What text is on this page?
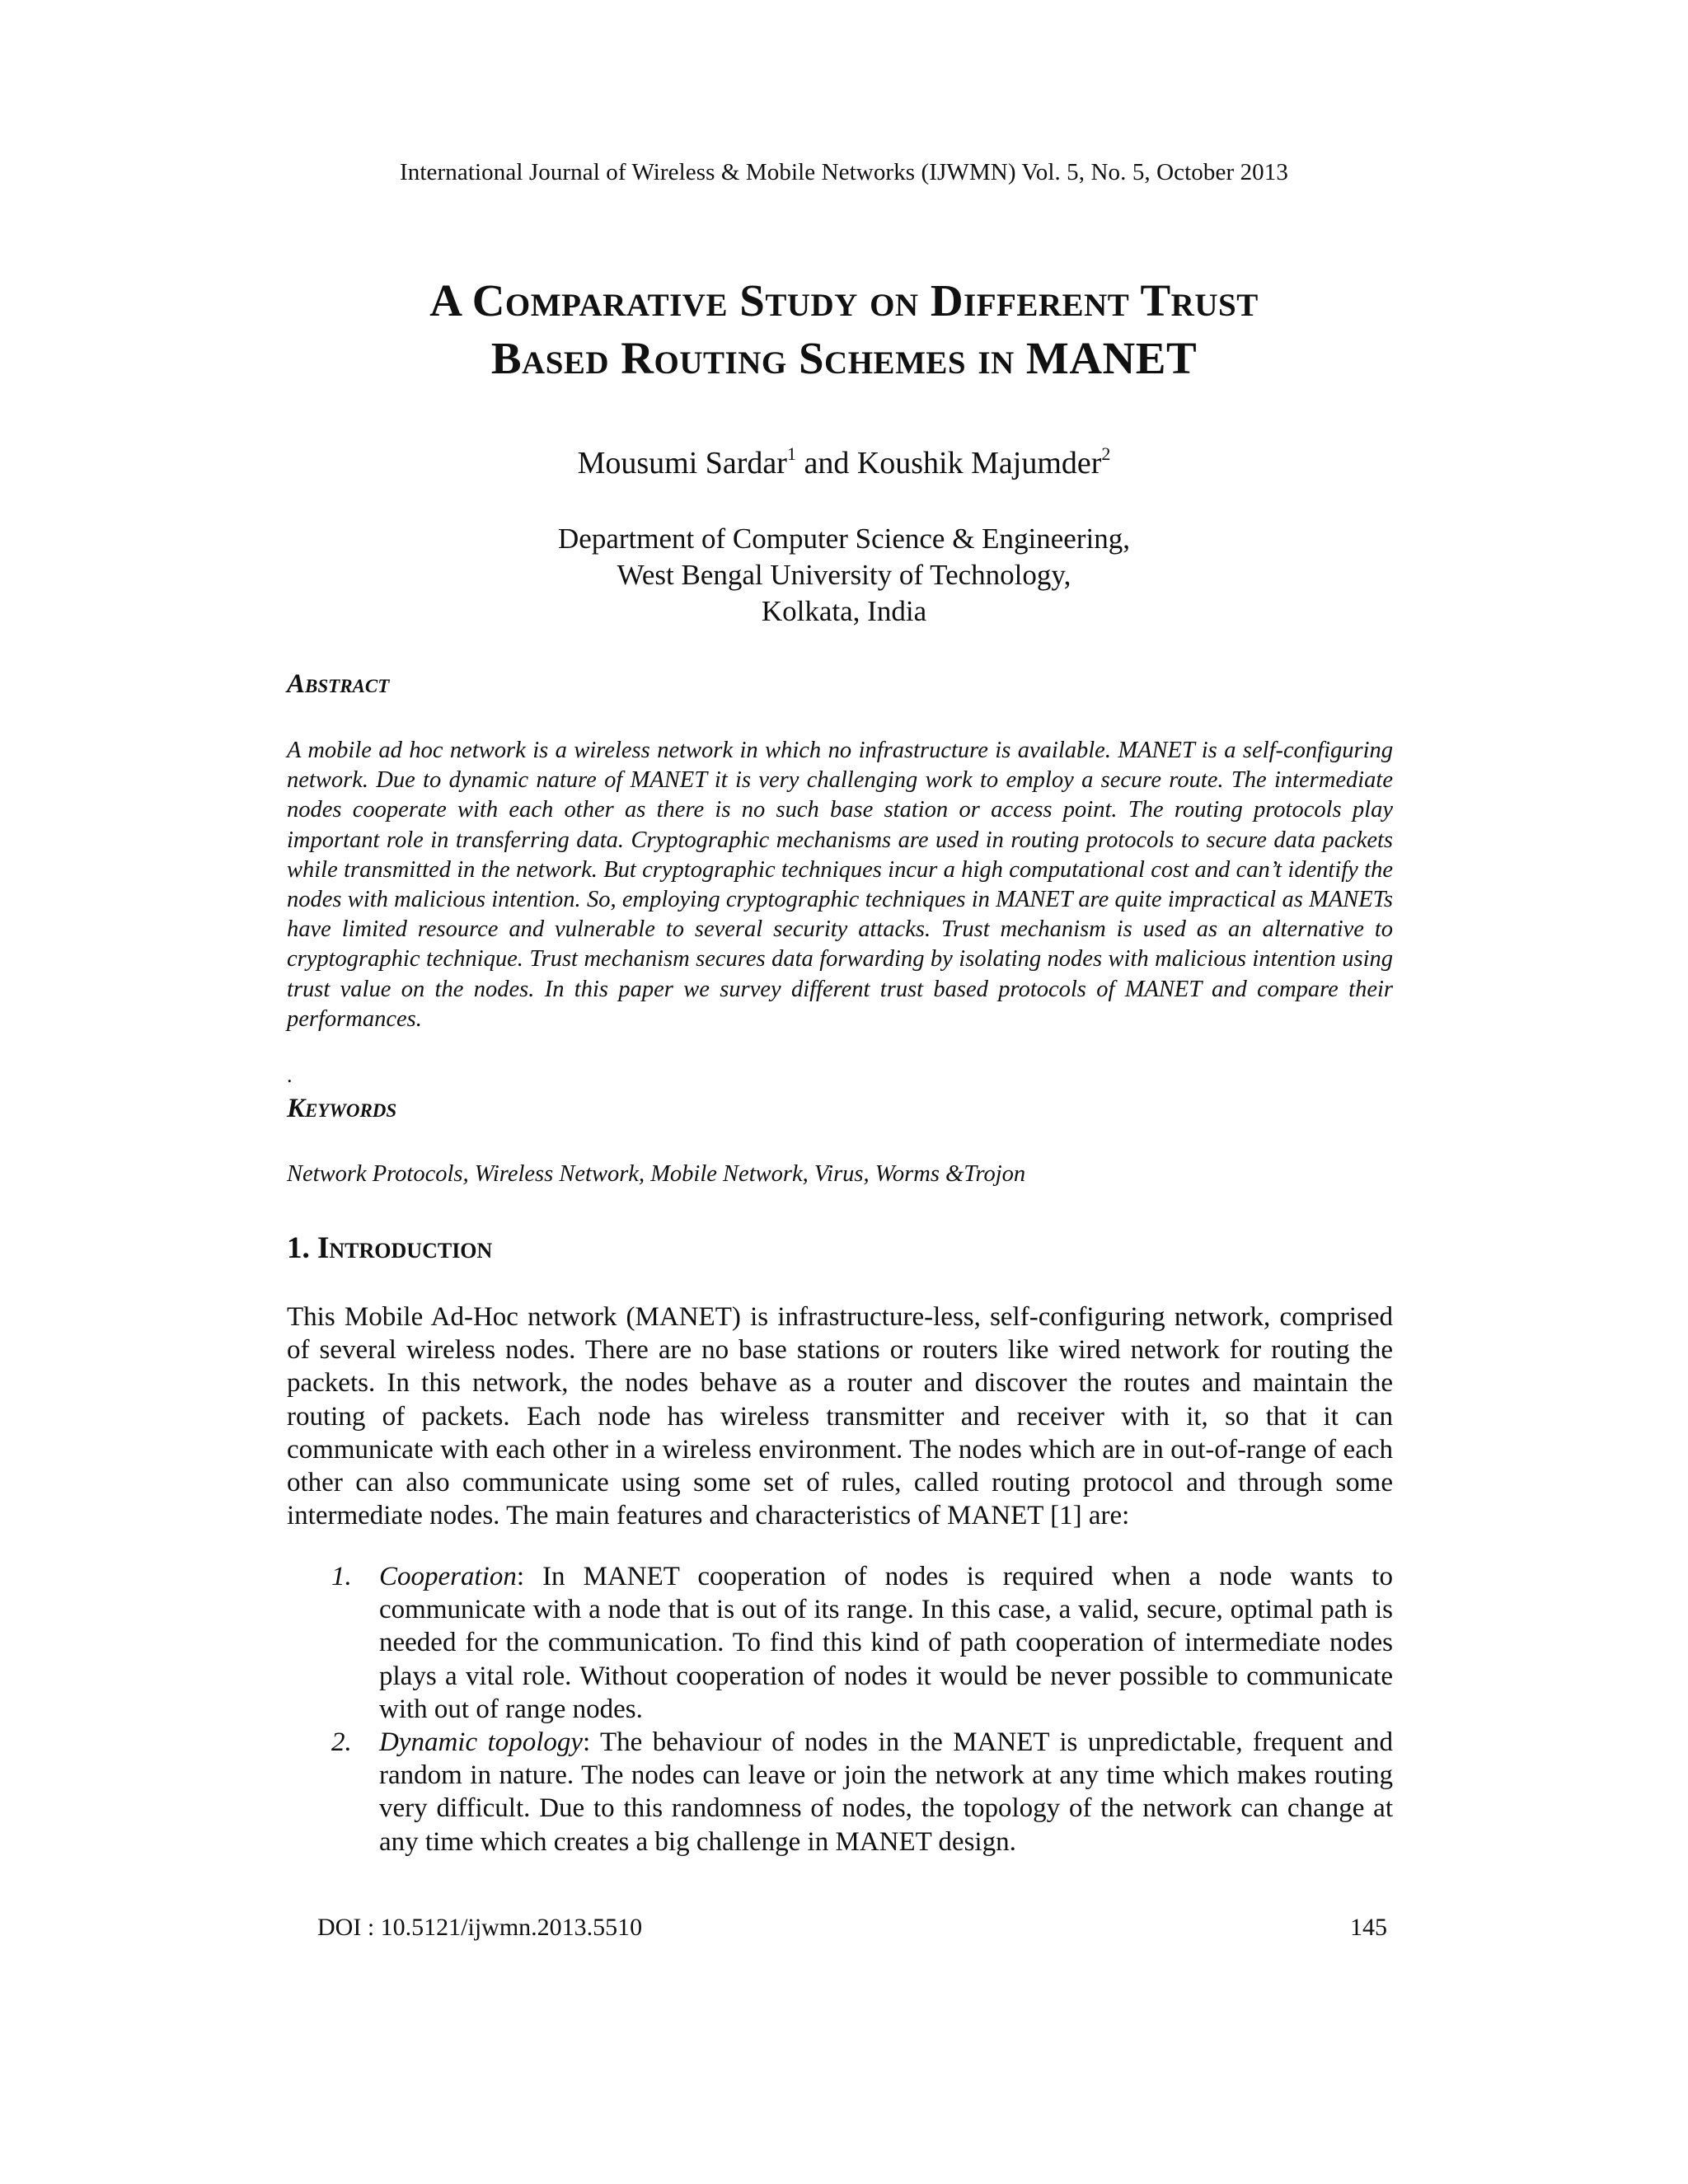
International Journal of Wireless & Mobile Networks (IJWMN) Vol. 5, No. 5, October 2013
A Comparative Study on Different Trust
Based Routing Schemes in MANET
Mousumi Sardar$^1$ and Koushik Majumder$^2$
Department of Computer Science & Engineering,
West Bengal University of Technology,
Kolkata, India
Abstract
A mobile ad hoc network is a wireless network in which no infrastructure is available. MANET is a self-configuring network. Due to dynamic nature of MANET it is very challenging work to employ a secure route. The intermediate nodes cooperate with each other as there is no such base station or access point. The routing protocols play important role in transferring data. Cryptographic mechanisms are used in routing protocols to secure data packets while transmitted in the network. But cryptographic techniques incur a high computational cost and can’t identify the nodes with malicious intention. So, employing cryptographic techniques in MANET are quite impractical as MANETs have limited resource and vulnerable to several security attacks. Trust mechanism is used as an alternative to cryptographic technique. Trust mechanism secures data forwarding by isolating nodes with malicious intention using trust value on the nodes. In this paper we survey different trust based protocols of MANET and compare their performances.
.
Keywords
Network Protocols, Wireless Network, Mobile Network, Virus, Worms &Trojon
1. Introduction
This Mobile Ad-Hoc network (MANET) is infrastructure-less, self-configuring network, comprised of several wireless nodes. There are no base stations or routers like wired network for routing the packets. In this network, the nodes behave as a router and discover the routes and maintain the routing of packets. Each node has wireless transmitter and receiver with it, so that it can communicate with each other in a wireless environment. The nodes which are in out-of-range of each other can also communicate using some set of rules, called routing protocol and through some intermediate nodes. The main features and characteristics of MANET [1] are:
1. Cooperation: In MANET cooperation of nodes is required when a node wants to communicate with a node that is out of its range. In this case, a valid, secure, optimal path is needed for the communication. To find this kind of path cooperation of intermediate nodes plays a vital role. Without cooperation of nodes it would be never possible to communicate with out of range nodes.
2. Dynamic topology: The behaviour of nodes in the MANET is unpredictable, frequent and random in nature. The nodes can leave or join the network at any time which makes routing very difficult. Due to this randomness of nodes, the topology of the network can change at any time which creates a big challenge in MANET design.
DOI : 10.5121/ijwmn.2013.5510	145
